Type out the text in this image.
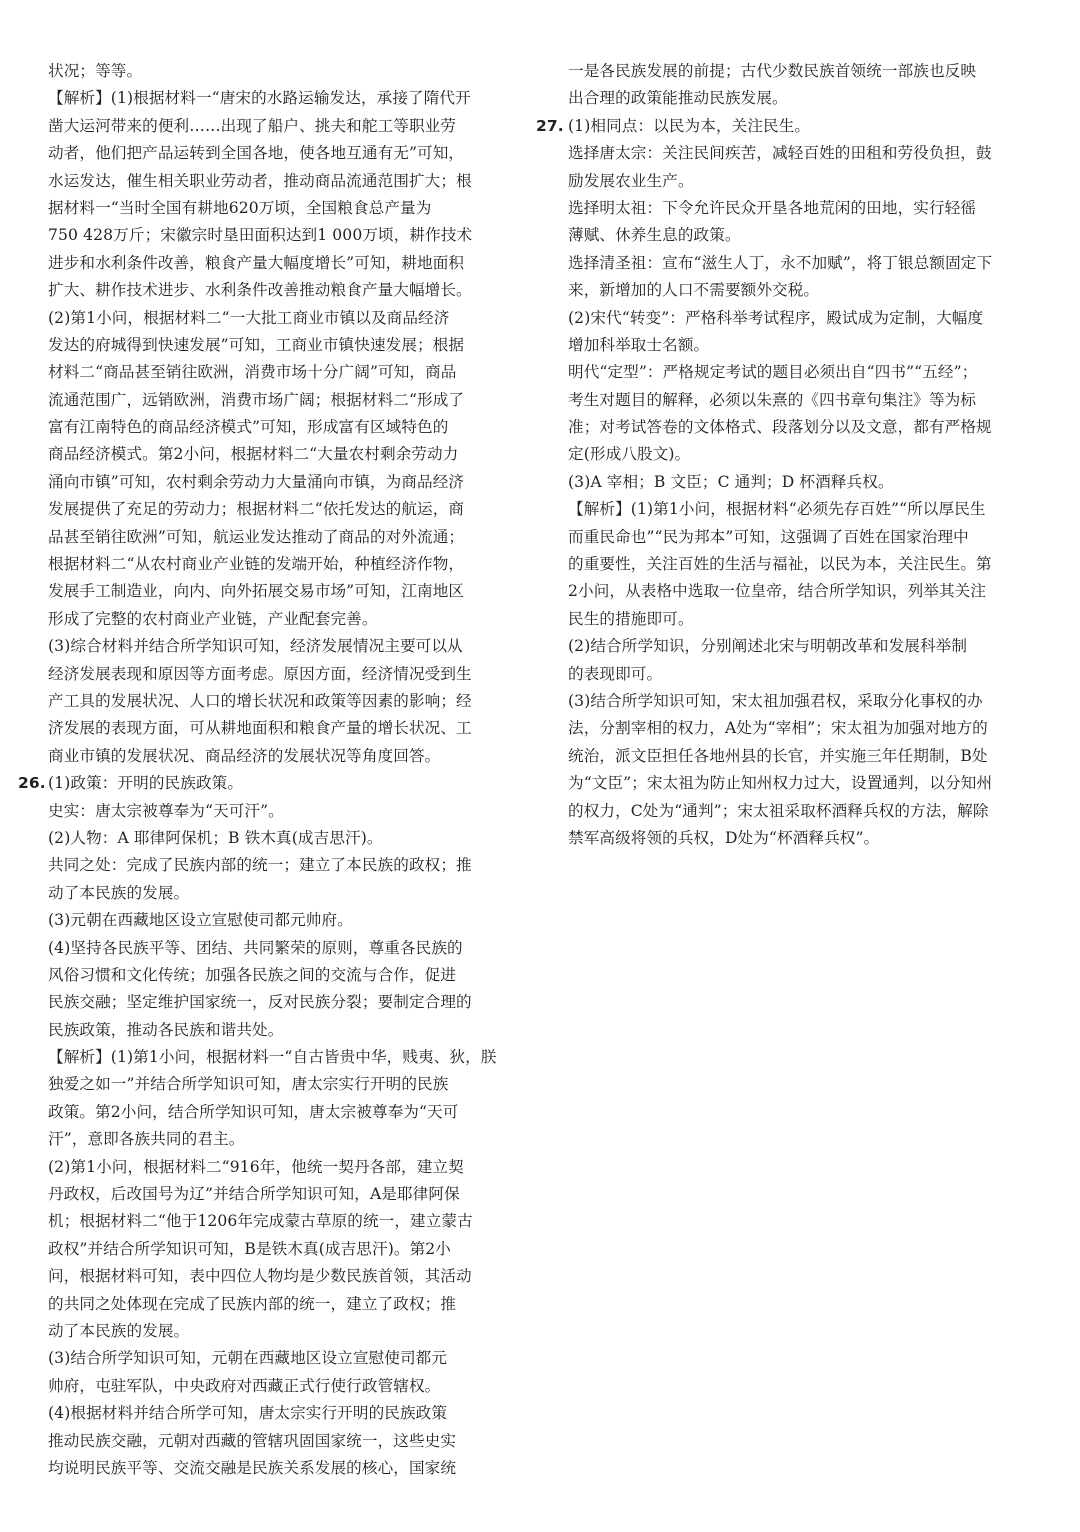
状况；等等。
【解析】(1)根据材料一“唐宋的水路运输发达，承接了隋代开
凿大运河带来的便利……出现了船户、挑夫和舵工等职业劳
动者，他们把产品运转到全国各地，使各地互通有无”可知，
水运发达，催生相关职业劳动者，推动商品流通范围扩大；根
据材料一“当时全国有耕地620万顷，全国粮食总产量为
750 428万斤；宋徽宗时垦田面积达到1 000万顷，耕作技术
进步和水利条件改善，粮食产量大幅度增长”可知，耕地面积
扩大、耕作技术进步、水利条件改善推动粮食产量大幅增长。
(2)第1小问，根据材料二“一大批工商业市镇以及商品经济
发达的府城得到快速发展”可知，工商业市镇快速发展；根据
材料二“商品甚至销往欧洲，消费市场十分广阔”可知，商品
流通范围广，远销欧洲，消费市场广阔；根据材料二“形成了
富有江南特色的商品经济模式”可知，形成富有区域特色的
商品经济模式。第2小问，根据材料二“大量农村剩余劳动力
涌向市镇”可知，农村剩余劳动力大量涌向市镇，为商品经济
发展提供了充足的劳动力；根据材料二“依托发达的航运，商
品甚至销往欧洲”可知，航运业发达推动了商品的对外流通；
根据材料二“从农村商业产业链的发端开始，种植经济作物，
发展手工制造业，向内、向外拓展交易市场”可知，江南地区
形成了完整的农村商业产业链，产业配套完善。
(3)综合材料并结合所学知识可知，经济发展情况主要可以从
经济发展表现和原因等方面考虑。原因方面，经济情况受到生
产工具的发展状况、人口的增长状况和政策等因素的影响；经
济发展的表现方面，可从耕地面积和粮食产量的增长状况、工
商业市镇的发展状况、商品经济的发展状况等角度回答。
26. (1)政策：开明的民族政策。
史实：唐太宗被尊奉为“天可汗”。
(2)人物：A 耶律阿保机；B 铁木真(成吉思汗)。
共同之处：完成了民族内部的统一；建立了本民族的政权；推
动了本民族的发展。
(3)元朝在西藏地区设立宣慰使司都元帅府。
(4)坚持各民族平等、团结、共同繁荣的原则，尊重各民族的
风俗习惯和文化传统；加强各民族之间的交流与合作，促进
民族交融；坚定维护国家统一，反对民族分裂；要制定合理的
民族政策，推动各民族和谐共处。
【解析】(1)第1小问，根据材料一“自古皆贵中华，贱夷、狄，朕
独爱之如一”并结合所学知识可知，唐太宗实行开明的民族
政策。第2小问，结合所学知识可知，唐太宗被尊奉为“天可
汗”，意即各族共同的君主。
(2)第1小问，根据材料二“916年，他统一契丹各部，建立契
丹政权，后改国号为辽”并结合所学知识可知，A是耶律阿保
机；根据材料二“他于1206年完成蒙古草原的统一，建立蒙古
政权”并结合所学知识可知，B是铁木真(成吉思汗)。第2小
问，根据材料可知，表中四位人物均是少数民族首领，其活动
的共同之处体现在完成了民族内部的统一，建立了政权；推
动了本民族的发展。
(3)结合所学知识可知，元朝在西藏地区设立宣慰使司都元
帅府，屯驻军队，中央政府对西藏正式行使行政管辖权。
(4)根据材料并结合所学可知，唐太宗实行开明的民族政策
推动民族交融，元朝对西藏的管辖巩固国家统一，这些史实
均说明民族平等、交流交融是民族关系发展的核心，国家统
一是各民族发展的前提；古代少数民族首领统一部族也反映
出合理的政策能推动民族发展。
27. (1)相同点：以民为本，关注民生。
选择唐太宗：关注民间疾苦，减轻百姓的田租和劳役负担，鼓
励发展农业生产。
选择明太祖：下令允许民众开垦各地荒闲的田地，实行轻徭
薄赋、休养生息的政策。
选择清圣祖：宣布“滋生人丁，永不加赋”，将丁银总额固定下
来，新增加的人口不需要额外交税。
(2)宋代“转变”：严格科举考试程序，殿试成为定制，大幅度
增加科举取士名额。
明代“定型”：严格规定考试的题目必须出自“四书”“五经”；
考生对题目的解释，必须以朱熹的《四书章句集注》等为标
准；对考试答卷的文体格式、段落划分以及文意，都有严格规
定(形成八股文)。
(3)A 宰相；B 文臣；C 通判；D 杯酒释兵权。
【解析】(1)第1小问，根据材料“必须先存百姓”“所以厚民生
而重民命也”“民为邦本”可知，这强调了百姓在国家治理中
的重要性，关注百姓的生活与福祉，以民为本，关注民生。第
2小问，从表格中选取一位皇帝，结合所学知识，列举其关注
民生的措施即可。
(2)结合所学知识，分别阐述北宋与明朝改革和发展科举制
的表现即可。
(3)结合所学知识可知，宋太祖加强君权，采取分化事权的办
法，分割宰相的权力，A处为“宰相”；宋太祖为加强对地方的
统治，派文臣担任各地州县的长官，并实施三年任期制，B处
为“文臣”；宋太祖为防止知州权力过大，设置通判，以分知州
的权力，C处为“通判”；宋太祖采取杯酒释兵权的方法，解除
禁军高级将领的兵权，D处为“杯酒释兵权”。
